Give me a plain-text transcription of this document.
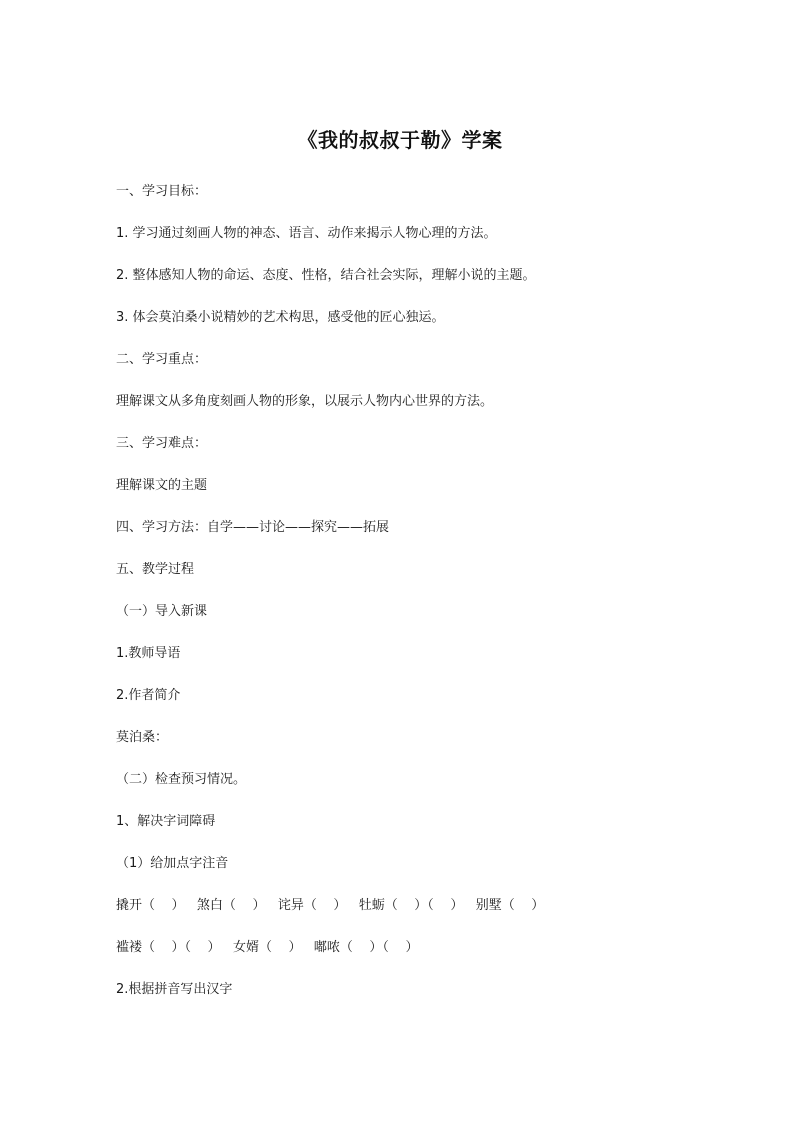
《我的叔叔于勒》学案
一、学习目标：
1. 学习通过刻画人物的神态、语言、动作来揭示人物心理的方法。
2. 整体感知人物的命运、态度、性格，结合社会实际，理解小说的主题。
3. 体会莫泊桑小说精妙的艺术构思，感受他的匠心独运。
二、学习重点：
理解课文从多角度刻画人物的形象，以展示人物内心世界的方法。
三、学习难点：
理解课文的主题
四、学习方法：自学——讨论——探究——拓展
五、教学过程
（一）导入新课
1.教师导语
2.作者简介
莫泊桑：
（二）检查预习情况。
1、解决字词障碍
（1）给加点字注音
撬开（    ）   煞白（    ）   诧异（    ）   牡蛎（    ）（    ）   别墅（    ）
褴褛（    ）（    ）   女婿（    ）   嘟哝（    ）（    ）
2.根据拼音写出汉字
